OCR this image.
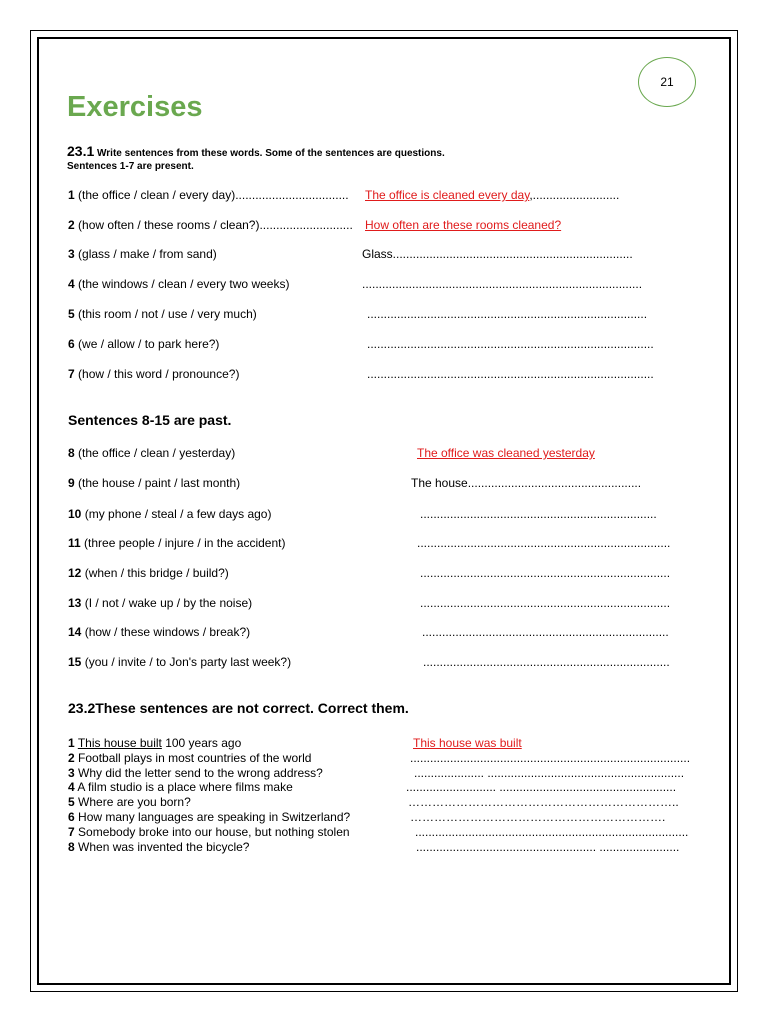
21
Exercises
23.1 Write sentences from these words. Some of the sentences are questions.
Sentences 1-7 are present.
1 (the office / clean / every day).................................. The office is cleaned every day,..........................
2 (how often / these rooms / clean?)............................ How often are these rooms cleaned?
3 (glass / make / from sand)	Glass........................................................................
4 (the windows / clean / every two weeks)	....................................................................................
5 (this room / not / use / very much)	....................................................................................
6 (we / allow / to park here?)	......................................................................................
7 (how / this word / pronounce?)	......................................................................................
Sentences 8-15 are past.
8 (the office / clean / yesterday)	The office was cleaned yesterday
9 (the house / paint / last month)	The house....................................................
10 (my phone / steal / a few days ago)	.......................................................................
11 (three people / injure / in the accident)	............................................................................
12 (when / this bridge / build?)	...........................................................................
13 (I / not / wake up / by the noise)	...........................................................................
14 (how / these windows / break?)	..........................................................................
15 (you / invite / to Jon's party last week?)	..........................................................................
23.2These sentences are not correct. Correct them.
1 This house built 100 years ago	This house was built
2 Football plays in most countries of the world	....................................................................................
3 Why did the letter send to the wrong address?	..................... ...........................................................
4 A film studio is a place where films make	........................... .....................................................
5 Where are you born?	…………………………………………………………..
6 How many languages are speaking in Switzerland?	……………………………………………………….
7 Somebody broke into our house, but nothing stolen	..................................................................................
8 When was invented the bicycle?	...................................................... ........................
